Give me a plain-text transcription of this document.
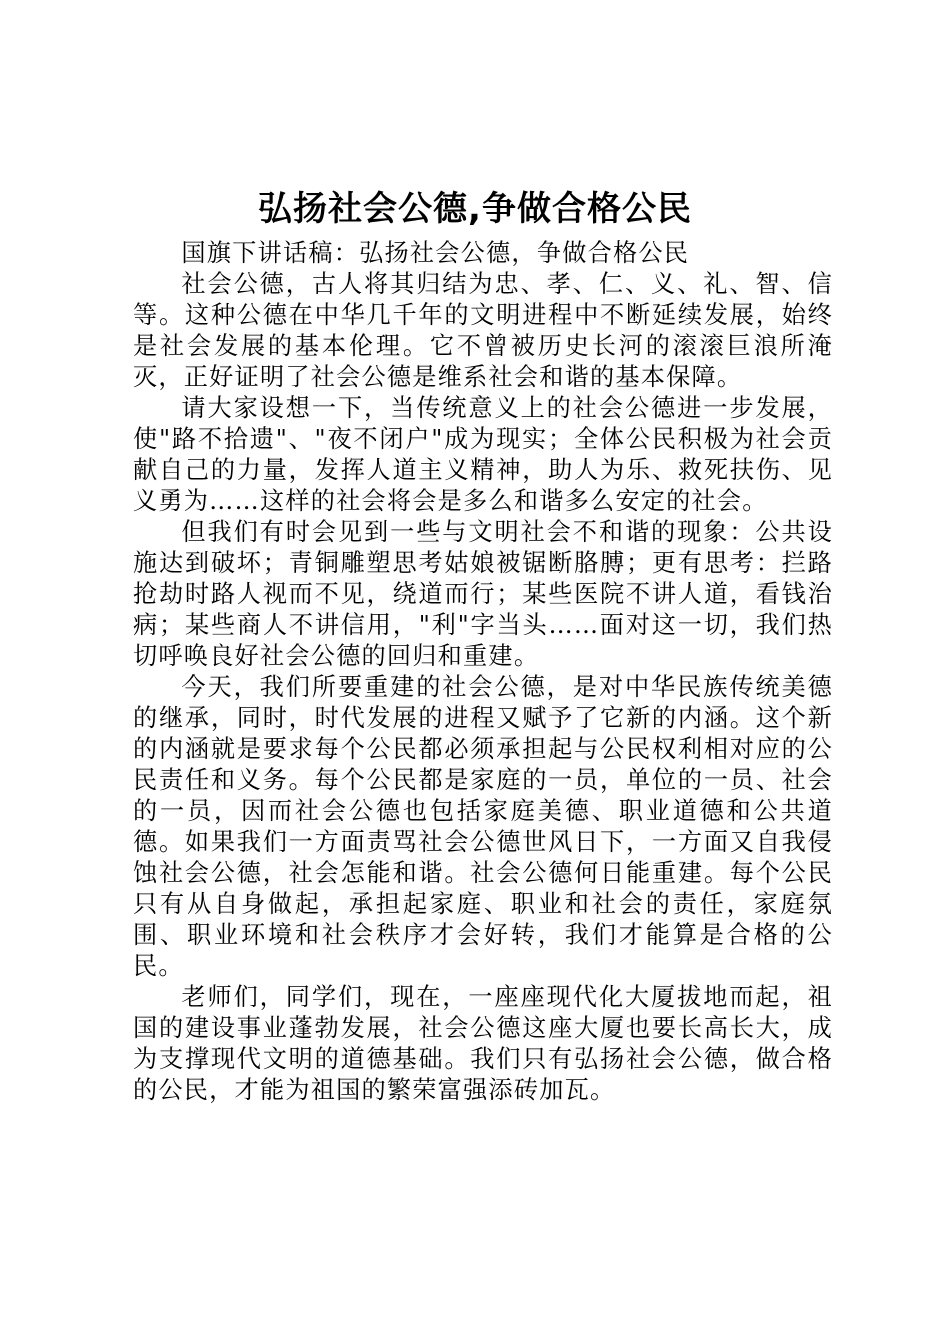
弘扬社会公德,争做合格公民

国旗下讲话稿：弘扬社会公德，争做合格公民

社会公德，古人将其归结为忠、孝、仁、义、礼、智、信等。这种公德在中华几千年的文明进程中不断延续发展，始终是社会发展的基本伦理。它不曾被历史长河的滚滚巨浪所淹灭，正好证明了社会公德是维系社会和谐的基本保障。

请大家设想一下，当传统意义上的社会公德进一步发展，使"路不拾遗"、"夜不闭户"成为现实；全体公民积极为社会贡献自己的力量，发挥人道主义精神，助人为乐、救死扶伤、见义勇为……这样的社会将会是多么和谐多么安定的社会。

但我们有时会见到一些与文明社会不和谐的现象：公共设施达到破坏；青铜雕塑思考姑娘被锯断胳膊；更有思考：拦路抢劫时路人视而不见，绕道而行；某些医院不讲人道，看钱治病；某些商人不讲信用，"利"字当头……面对这一切，我们热切呼唤良好社会公德的回归和重建。

今天，我们所要重建的社会公德，是对中华民族传统美德的继承，同时，时代发展的进程又赋予了它新的内涵。这个新的内涵就是要求每个公民都必须承担起与公民权利相对应的公民责任和义务。每个公民都是家庭的一员，单位的一员、社会的一员，因而社会公德也包括家庭美德、职业道德和公共道德。如果我们一方面责骂社会公德世风日下，一方面又自我侵蚀社会公德，社会怎能和谐。社会公德何日能重建。每个公民只有从自身做起，承担起家庭、职业和社会的责任，家庭氛围、职业环境和社会秩序才会好转，我们才能算是合格的公民。

老师们，同学们，现在，一座座现代化大厦拔地而起，祖国的建设事业蓬勃发展，社会公德这座大厦也要长高长大，成为支撑现代文明的道德基础。我们只有弘扬社会公德，做合格的公民，才能为祖国的繁荣富强添砖加瓦。
